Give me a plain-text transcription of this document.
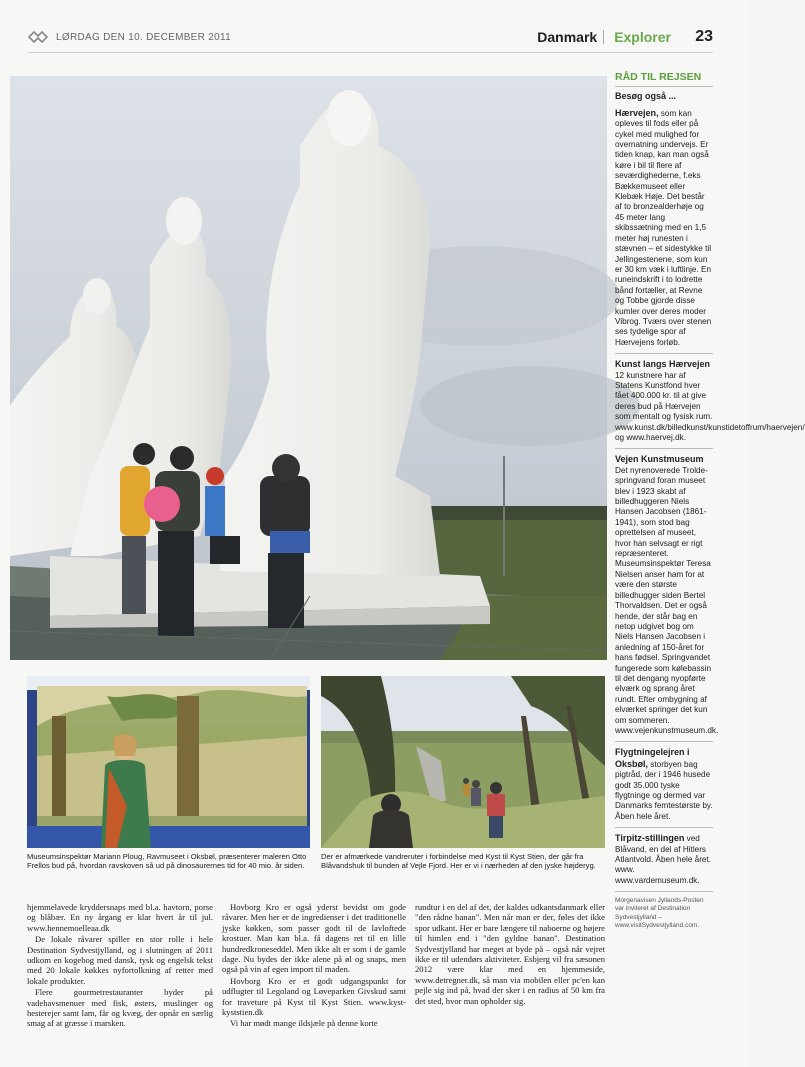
LØRDAG DEN 10. DECEMBER 2011	Danmark Explorer 23
RÅD TIL REJSEN
Besøg også ...
Hærvejen, som kan opleves til fods eller på cykel med mulighed for overnatning undervejs. Er tiden knap, kan man også køre i bil til flere af seværdighederne, f.eks Bækkemuseet eller Klebæk Høje. Det består af to bronzealderhøje og 45 meter lang skibssætning med en 1,5 meter høj runesten i stævnen – et sidestykke til Jellingestenene, som kun er 30 km væk i luftlinje. En runeindskrift i to lodrette bånd fortæller, at Revne og Tobbe gjorde disse kumler over deres moder Vibrog. Tværs over stenen ses tydelige spor af Hærvejens forløb.
Kunst langs Hærvejen 12 kunstnere har af Statens Kunstfond hver fået 400.000 kr. til at give deres bud på Hærvejen som mentalt og fysisk rum. www.kunst.dk/billedkunst/kunstidetoffrum/haervejen/ og www.haervej.dk.
Vejen Kunstmuseum Det nyrenoverede Troldespringvand foran museet blev i 1923 skabt af billedhuggeren Niels Hansen Jacobsen (1861-1941), som stod bag oprettelsen af museet, hvor han selvsagt er rigt repræsenteret. Museumsinspektør Teresa Nielsen anser ham for at være den største billedhugger siden Bertel Thorvaldsen. Det er også hende, der står bag en netop udgivet bog om Niels Hansen Jacobsen i anledning af 150-året for hans fødsel. Springvandet fungerede som kølebassin til det dengang nyopførte elværk og sprang året rundt. Efter ombygning af elværket springer det kun om sommeren. www.vejenkunstmuseum.dk.
Flygtningelejren i Oksbøl, storbyen bag pigtråd, der i 1946 husede godt 35.000 tyske flygtninge og dermed var Danmarks femtestørste by. Åben hele året.
Tirpitz-stillingen ved Blåvand, en del af Hitlers Atlantvold. Åben hele året. www. www.vardemuseum.dk.
Morgenavisen Jyllands-Posten var inviteret af Destination Sydvestjylland – www.visitSydvestjylland.com.
Museumsinspektør Mariann Ploug, Ravmuseet i Oksbøl, præsenterer maleren Otto Frellos bud på, hvordan ravskoven så ud på dinosaurernes tid for 40 mio. år siden.
Der er afmærkede vandreruter i forbindelse med Kyst til Kyst Stien, der går fra Blåvandshuk til bunden af Vejle Fjord. Her er vi i nærheden af den jyske højderyg.

hjemmelavede kryddersnaps med bl.a. havtorn, porse og blåbær. En ny årgang er klar hvert år til jul. www.hennemoelleaa.dk

De lokale råvarer spiller en stor rolle i hele Destination Sydvestjylland, og i slutningen af 2011 udkom en kogebog med dansk, tysk og engelsk tekst med 20 lokale køkkes nyfortolkning af retter med lokale produkter.

Flere gourmetrestauranter byder på vadehavsmenuer med fisk, østers, muslinger og hesterejer samt lam, får og kvæg, der opnår en særlig smag af at græsse i marsken.

Hovborg Kro er også yderst bevidst om gode råvarer. Men her er de ingredienser i det traditionelle jyske køkken, som passer godt til de lavloftede krostuer. Man kan bl.a. få dagens ret til en lille hundredkroneseddel. Men ikke alt er som i de gamle dage. Nu bydes der ikke alene på øl og snaps, men også på vin af egen import til maden.

Hovborg Kro er et godt udgangspunkt for udflugter til Legoland og Løveparken Givskud samt for traveture på Kyst til Kyst Stien. www.kyst-kyststien.dk

Vi har mødt mange ildsjæle på denne korte

rundtur i en del af det, der kaldes udkantsdanmark eller "den rådne banan". Men når man er der, føles det ikke spor udkant. Her er bare længere til naboerne og højere til himlen end i "den gyldne banan". Destination Sydvestjylland har meget at byde på – også når vejret ikke er til udendørs aktiviteter. Esbjerg vil fra sæsonen 2012 være klar med en hjemmeside, www.detregner.dk, så man via mobilen eller pc'en kan pejle sig ind på, hvad der sker i en radius af 50 km fra det sted, hvor man opholder sig.
